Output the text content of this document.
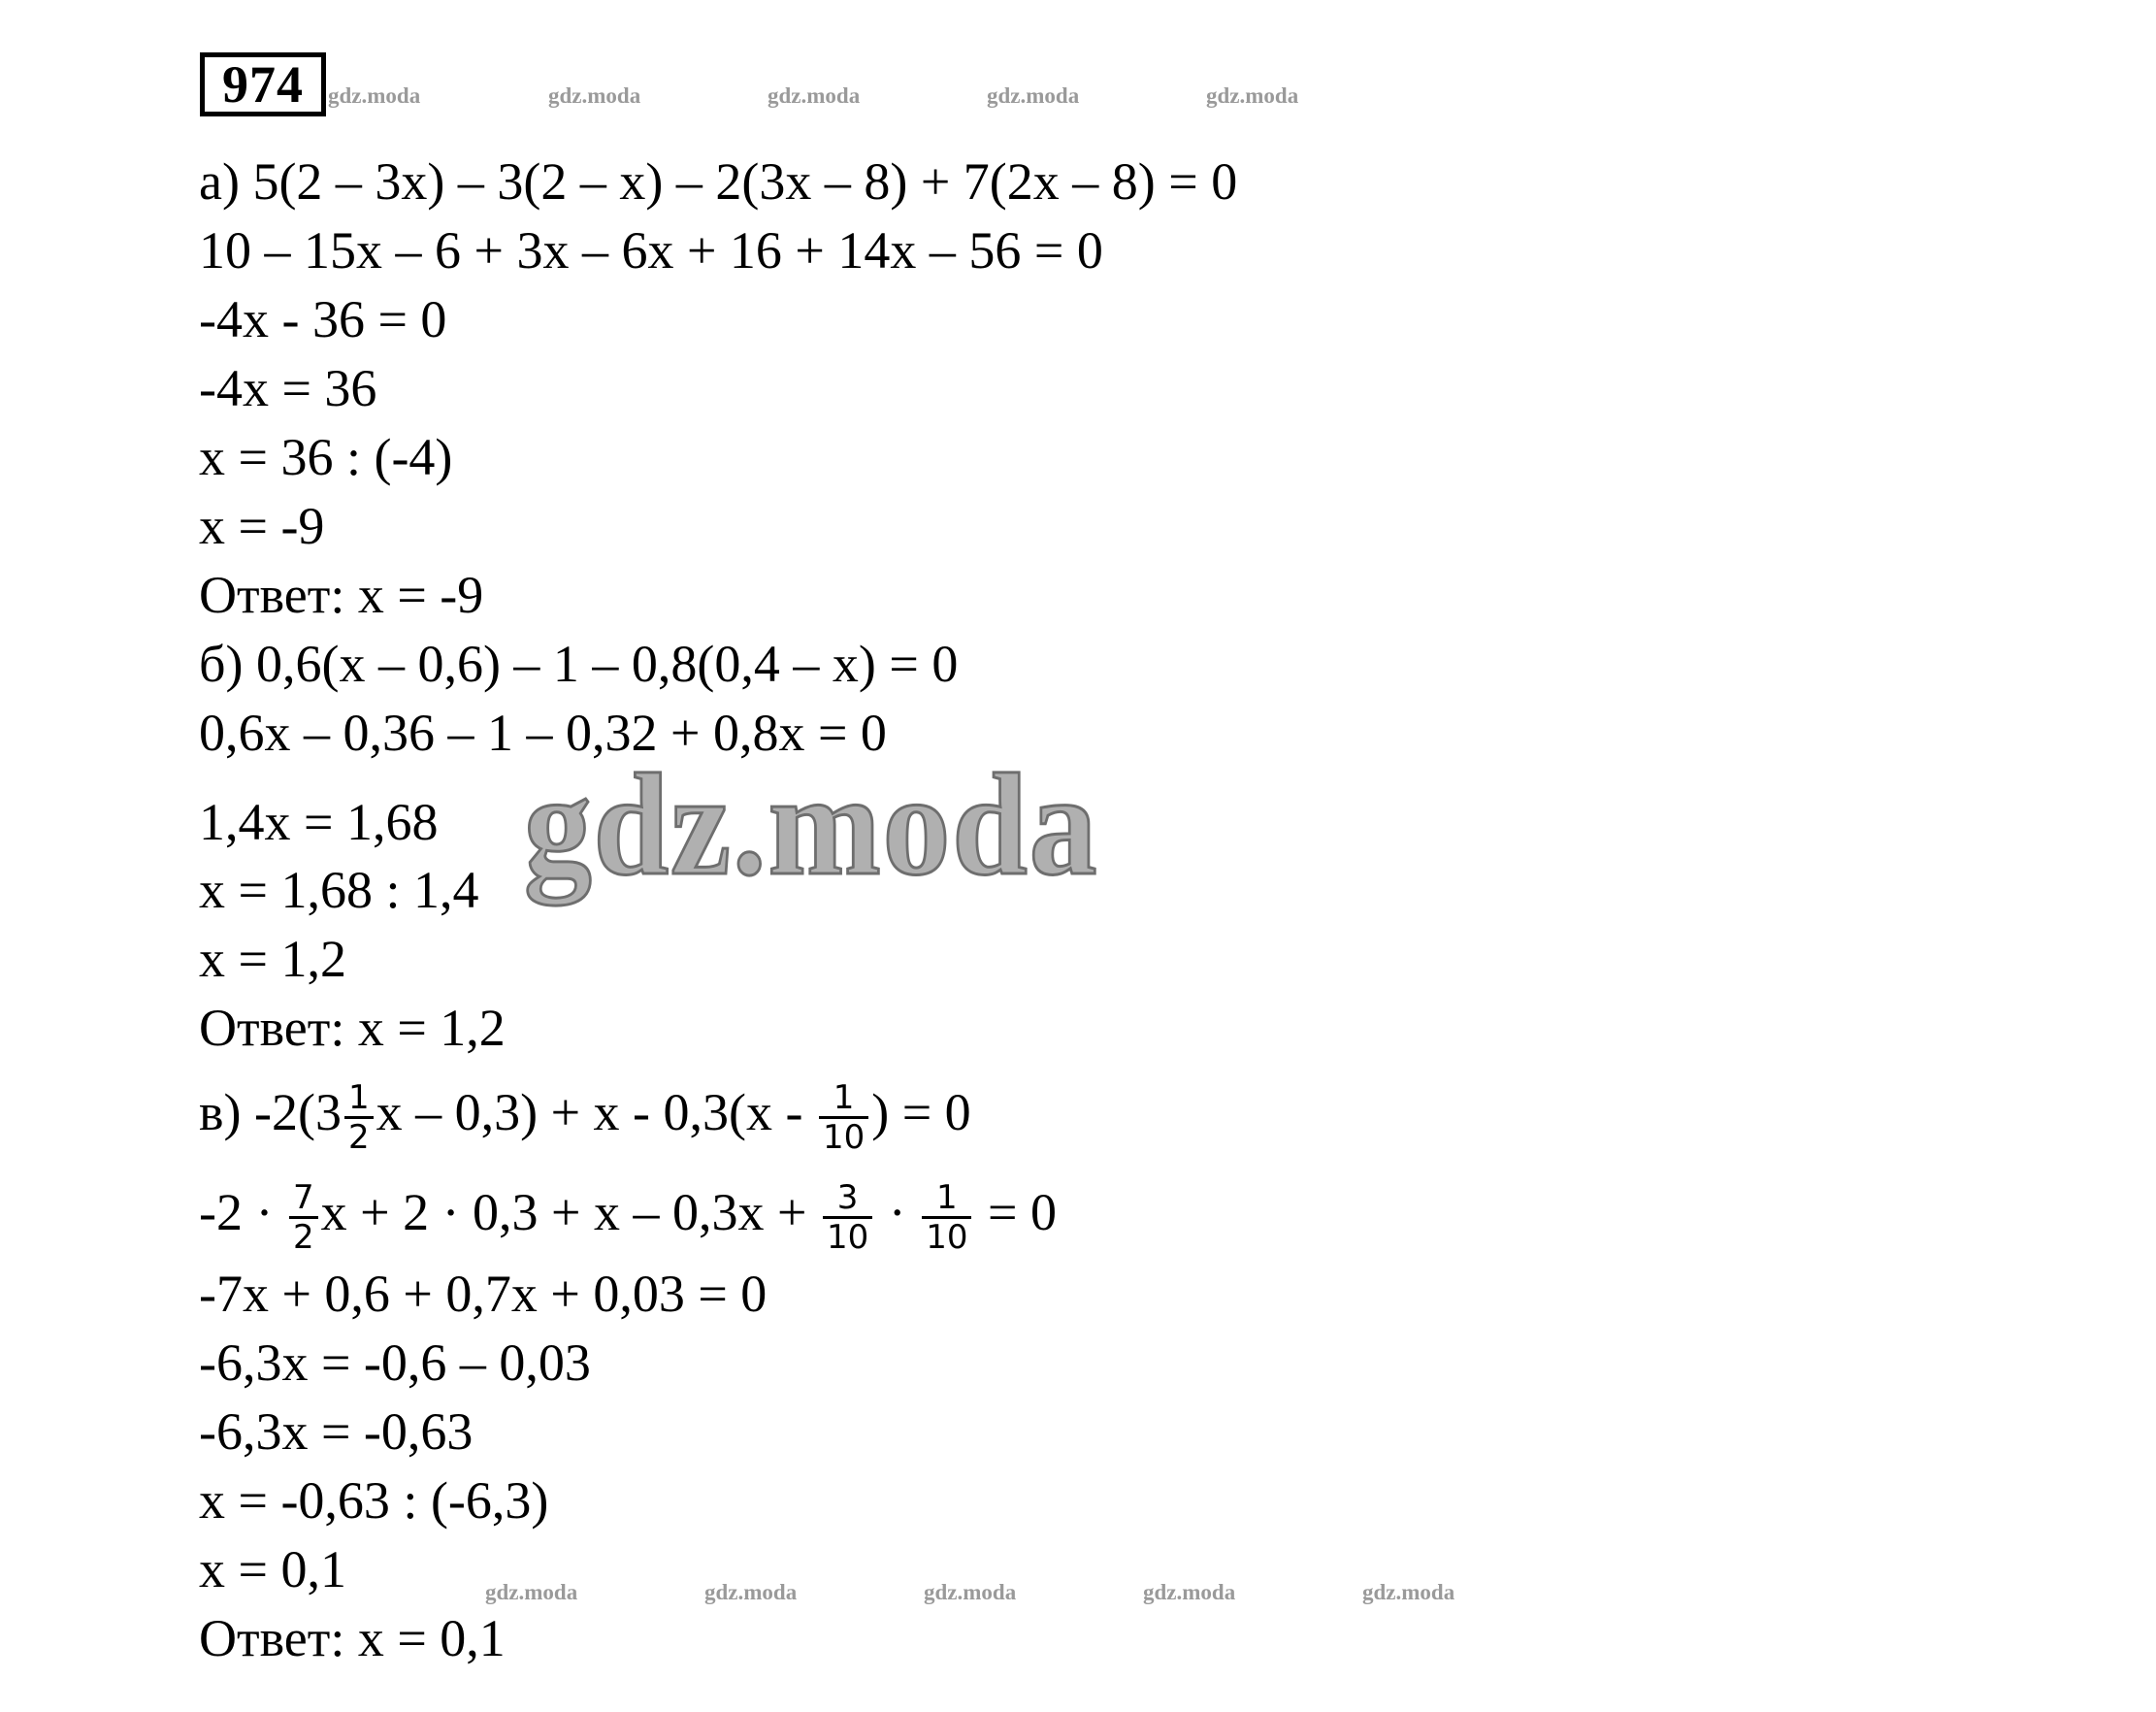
974	gdz.moda	gdz.moda	gdz.moda	gdz.moda	gdz.moda
а) 5(2 – 3x) – 3(2 – x) – 2(3x – 8) + 7(2x – 8) = 0
10 – 15x – 6 + 3x – 6x + 16 + 14x – 56 = 0
-4x - 36 = 0
-4x = 36
x = 36 : (-4)
x = -9
Ответ: x = -9
б) 0,6(x – 0,6) – 1 – 0,8(0,4 – x) = 0
0,6x – 0,36 – 1 – 0,32 + 0,8x = 0
1,4x = 1,68
x = 1,68 : 1,4
x = 1,2
Ответ: x = 1,2
в) $-2(3 \frac{1}{2}$ $x - 0,3) + x - 0,3(x - \frac{1}{10}$ ) = 0
$-2 \cdot \frac{7}{2}$ $x + 2 \cdot 0,3 + x - 0,3x + \frac{3}{10} \cdot \frac{1}{10} = 0$
-7x + 0,6 + 0,7x + 0,03 = 0
-6,3x = -0,6 – 0,03
-6,3x = -0,63
x = -0,63 : (-6,3)
x = 0,1
Ответ: x = 0,1
gdz.moda
gdz.moda	gdz.moda	gdz.moda	gdz.moda	gdz.moda
